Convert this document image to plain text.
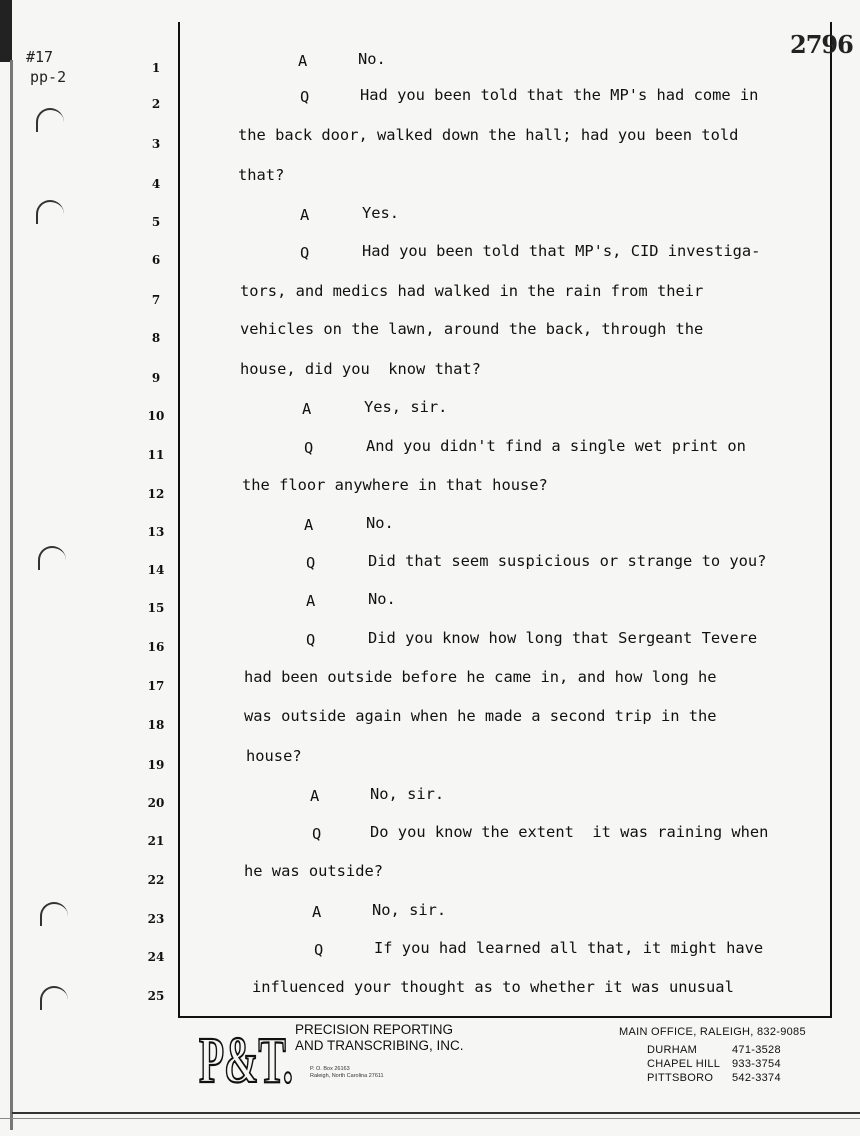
#17
pp-2
2796
1	A	No.
2	Q	Had you been told that the MP's had come in
3	the back door, walked down the hall; had you been told
4	that?
5	A	Yes.
6	Q	Had you been told that MP's, CID investiga-
7	tors, and medics had walked in the rain from their
8	vehicles on the lawn, around the back, through the
9	house, did you  know that?
10	A	Yes, sir.
11	Q	And you didn't find a single wet print on
12	the floor anywhere in that house?
13	A	No.
14	Q	Did that seem suspicious or strange to you?
15	A	No.
16	Q	Did you know how long that Sergeant Tevere
17	had been outside before he came in, and how long he
18	was outside again when he made a second trip in the
19	house?
20	A	No, sir.
21	Q	Do you know the extent  it was raining when
22	he was outside?
23	A	No, sir.
24	Q	If you had learned all that, it might have
25	influenced your thought as to whether it was unusual
P&T. PRECISION REPORTING
AND TRANSCRIBING, INC.
P. O. Box 26163
Raleigh, North Carolina 27611
MAIN OFFICE, RALEIGH, 832-9085
DURHAM	471-3528
CHAPEL HILL 933-3754
PITTSBORO 542-3374
